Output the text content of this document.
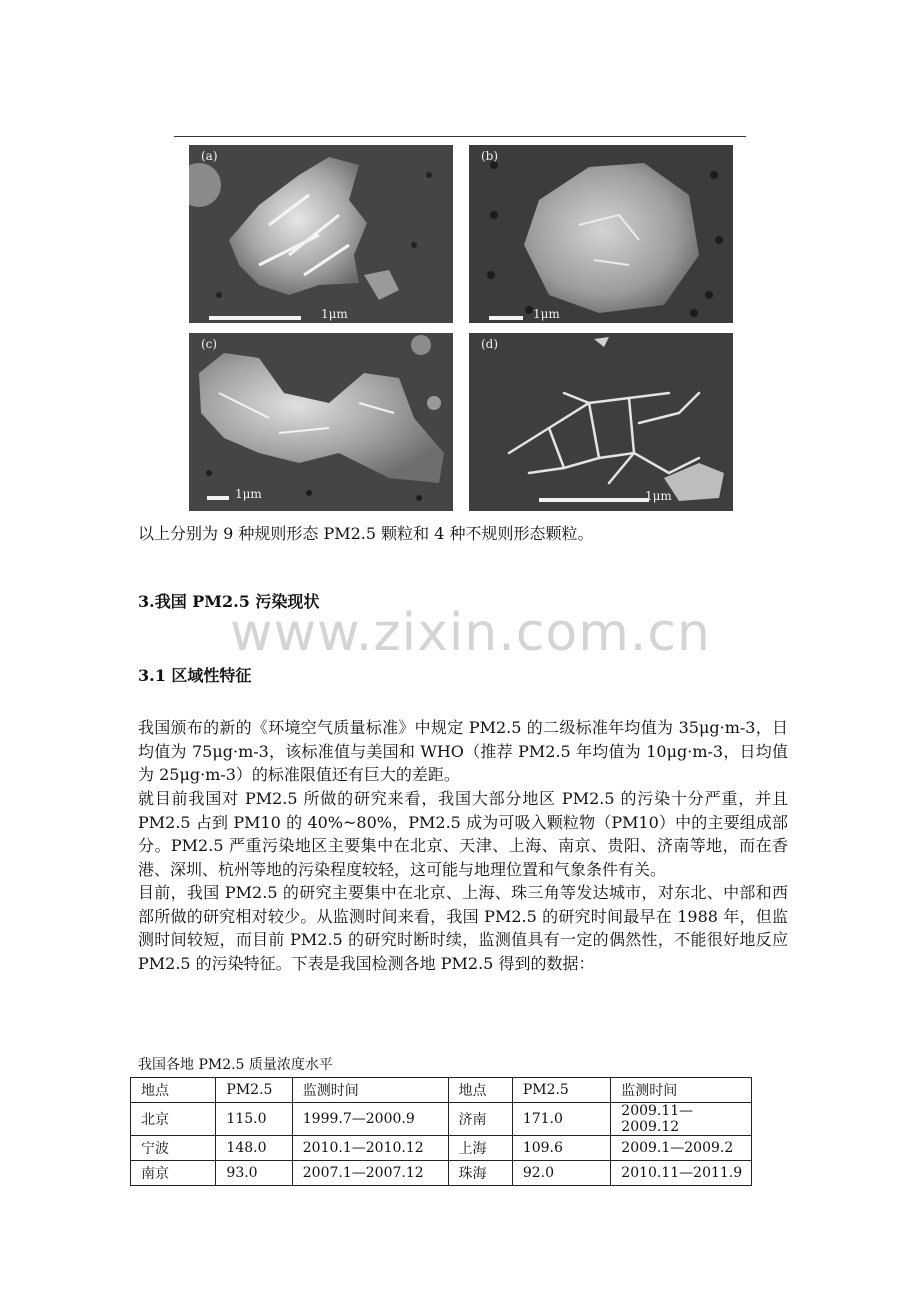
(a)
1μm
(b)
1μm
(c)
1μm
(d)
1μm
以上分别为 9 种规则形态 PM2.5 颗粒和 4 种不规则形态颗粒。
www.zixin.com.cn
3.我国 PM2.5 污染现状
3.1 区域性特征
我国颁布的新的《环境空气质量标准》中规定 PM2.5 的二级标准年均值为 35μg·m-3，日均值为 75μg·m-3，该标准值与美国和 WHO（推荐 PM2.5 年均值为 10μg·m-3，日均值为 25μg·m-3）的标准限值还有巨大的差距。
就目前我国对 PM2.5 所做的研究来看，我国大部分地区 PM2.5 的污染十分严重，并且 PM2.5 占到 PM10 的 40%~80%，PM2.5 成为可吸入颗粒物（PM10）中的主要组成部分。PM2.5 严重污染地区主要集中在北京、天津、上海、南京、贵阳、济南等地，而在香港、深圳、杭州等地的污染程度较轻，这可能与地理位置和气象条件有关。
目前，我国 PM2.5 的研究主要集中在北京、上海、珠三角等发达城市，对东北、中部和西部所做的研究相对较少。从监测时间来看，我国 PM2.5 的研究时间最早在 1988 年，但监测时间较短，而目前 PM2.5 的研究时断时续，监测值具有一定的偶然性，不能很好地反应 PM2.5 的污染特征。下表是我国检测各地 PM2.5 得到的数据：
我国各地 PM2.5 质量浓度水平
地点	PM2.5	监测时间	地点	PM2.5	监测时间
北京	115.0	1999.7—2000.9	济南	171.0	2009.11—2009.12
宁波	148.0	2010.1—2010.12	上海	109.6	2009.1—2009.2
南京	93.0	2007.1—2007.12	珠海	92.0	2010.11—2011.9
